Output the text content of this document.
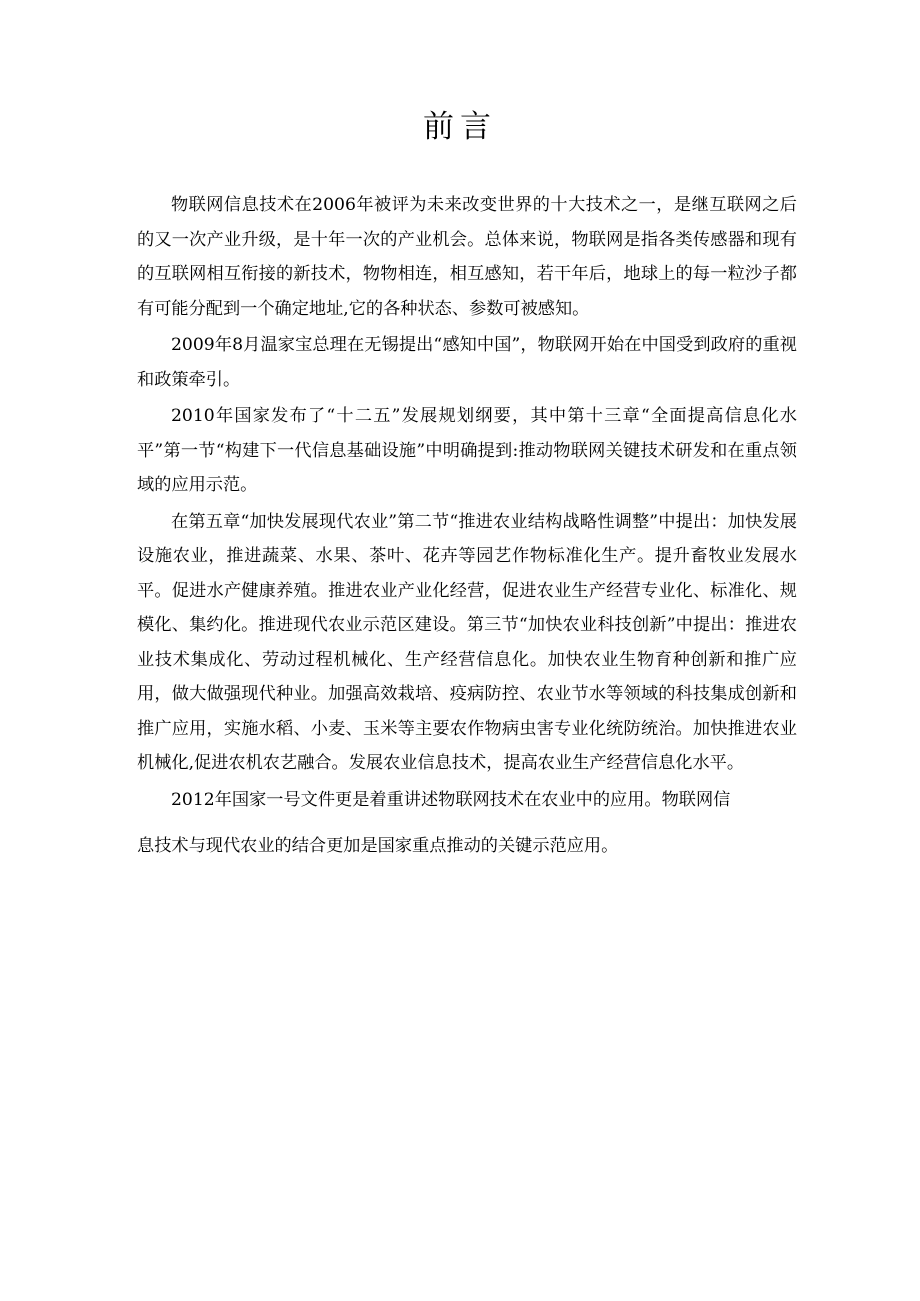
前言

物联网信息技术在2006年被评为未来改变世界的十大技术之一，是继互联网之后的又一次产业升级，是十年一次的产业机会。总体来说，物联网是指各类传感器和现有的互联网相互衔接的新技术，物物相连，相互感知，若干年后，地球上的每一粒沙子都有可能分配到一个确定地址,它的各种状态、参数可被感知。

2009年8月温家宝总理在无锡提出“感知中国”，物联网开始在中国受到政府的重视和政策牵引。

2010年国家发布了“十二五”发展规划纲要，其中第十三章“全面提高信息化水平”第一节“构建下一代信息基础设施”中明确提到:推动物联网关键技术研发和在重点领域的应用示范。

在第五章“加快发展现代农业”第二节“推进农业结构战略性调整”中提出：加快发展设施农业，推进蔬菜、水果、茶叶、花卉等园艺作物标准化生产。提升畜牧业发展水平。促进水产健康养殖。推进农业产业化经营，促进农业生产经营专业化、标准化、规模化、集约化。推进现代农业示范区建设。第三节“加快农业科技创新”中提出：推进农业技术集成化、劳动过程机械化、生产经营信息化。加快农业生物育种创新和推广应用，做大做强现代种业。加强高效栽培、疫病防控、农业节水等领域的科技集成创新和推广应用，实施水稻、小麦、玉米等主要农作物病虫害专业化统防统治。加快推进农业机械化,促进农机农艺融合。发展农业信息技术，提高农业生产经营信息化水平。

2012年国家一号文件更是着重讲述物联网技术在农业中的应用。物联网信

息技术与现代农业的结合更加是国家重点推动的关键示范应用。
